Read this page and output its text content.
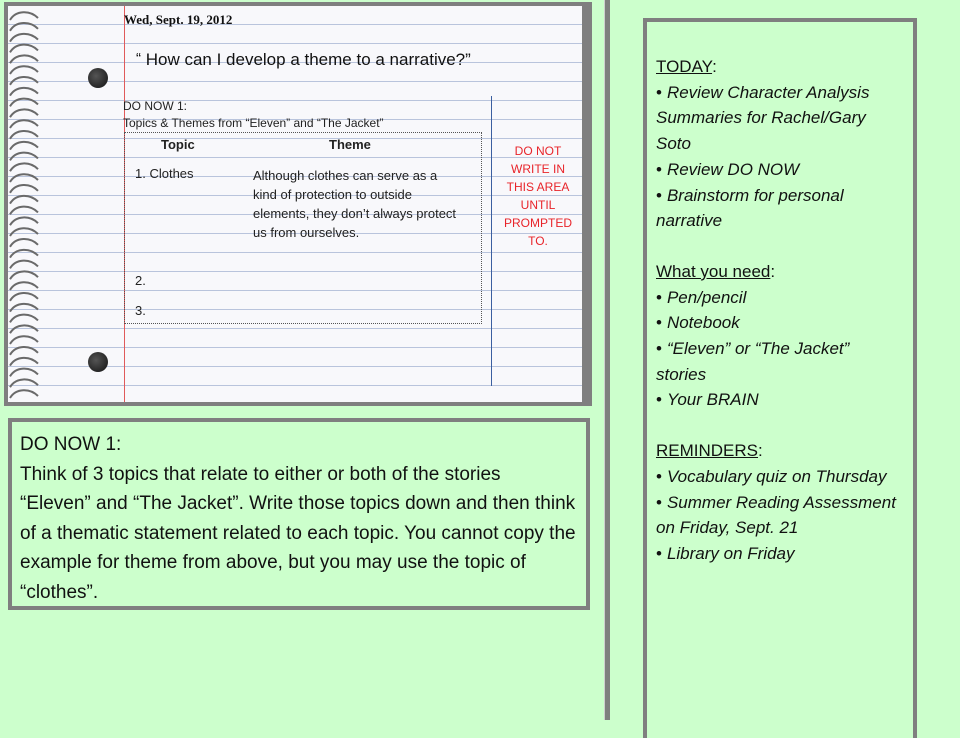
Wed, Sept. 19, 2012
“ How can I develop a theme to a narrative?”
DO NOW 1:
Topics & Themes from “Eleven” and “The Jacket”
Topic	Theme
1. Clothes	Although clothes can serve as a kind of protection to outside elements, they don’t always protect us from ourselves.
2.
3.
DO NOT WRITE IN THIS AREA UNTIL PROMPTED TO.
DO NOW 1:
Think of 3 topics that relate to either or both of the stories “Eleven” and “The Jacket”. Write those topics down and then think of a thematic statement related to each topic. You cannot copy the example for theme from above, but you may use the topic of “clothes”.
TODAY:
• Review Character Analysis Summaries for Rachel/Gary Soto
• Review DO NOW
• Brainstorm for personal narrative
What you need:
• Pen/pencil
• Notebook
• “Eleven” or “The Jacket” stories
• Your BRAIN
REMINDERS:
• Vocabulary quiz on Thursday
• Summer Reading Assessment on Friday, Sept. 21
• Library on Friday
